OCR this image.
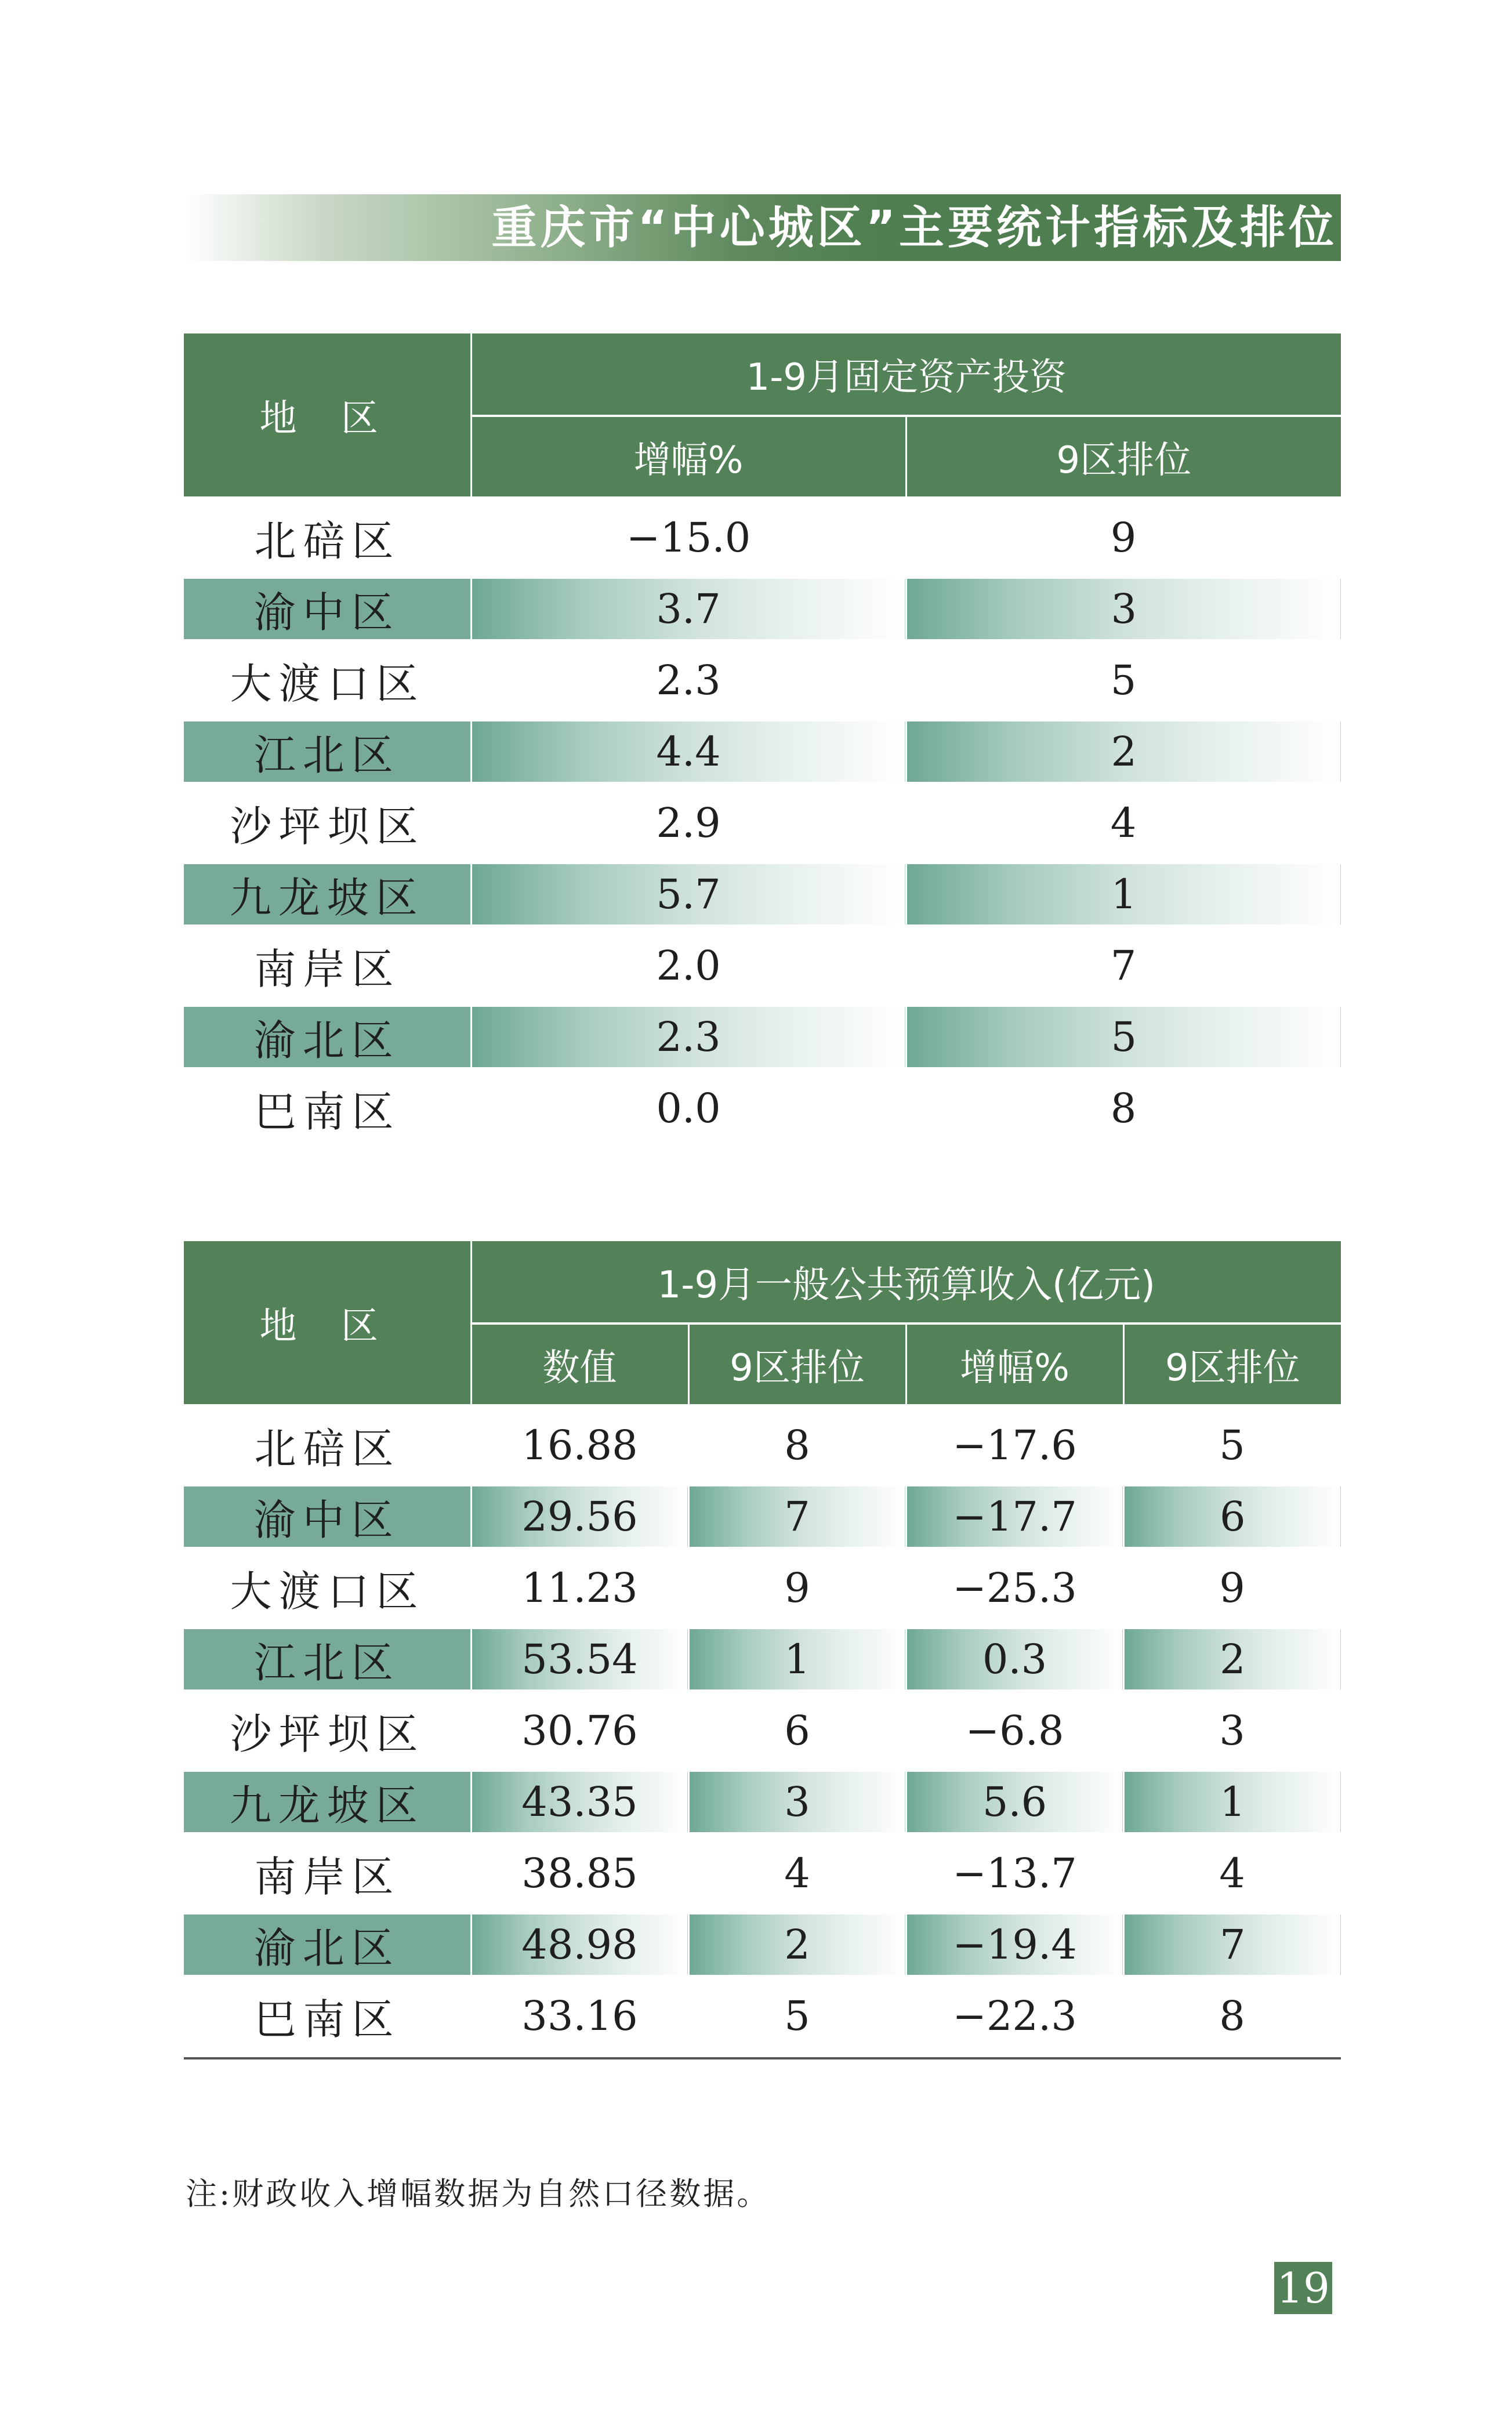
重庆市“中心城区”主要统计指标及排位
地 区	1-9月固定资产投资	
	增幅%	9区排位
北碚区	−15.0	9
渝中区	3.7	3
大渡口区	2.3	5
江北区	4.4	2
沙坪坝区	2.9	4
九龙坡区	5.7	1
南岸区	2.0	7
渝北区	2.3	5
巴南区	0.0	8
地 区	1-9月一般公共预算收入(亿元)			
	数值	9区排位	增幅%	9区排位
北碚区	16.88	8	−17.6	5
渝中区	29.56	7	−17.7	6
大渡口区	11.23	9	−25.3	9
江北区	53.54	1	0.3	2
沙坪坝区	30.76	6	−6.8	3
九龙坡区	43.35	3	5.6	1
南岸区	38.85	4	−13.7	4
渝北区	48.98	2	−19.4	7
巴南区	33.16	5	−22.3	8
注:财政收入增幅数据为自然口径数据。
19
